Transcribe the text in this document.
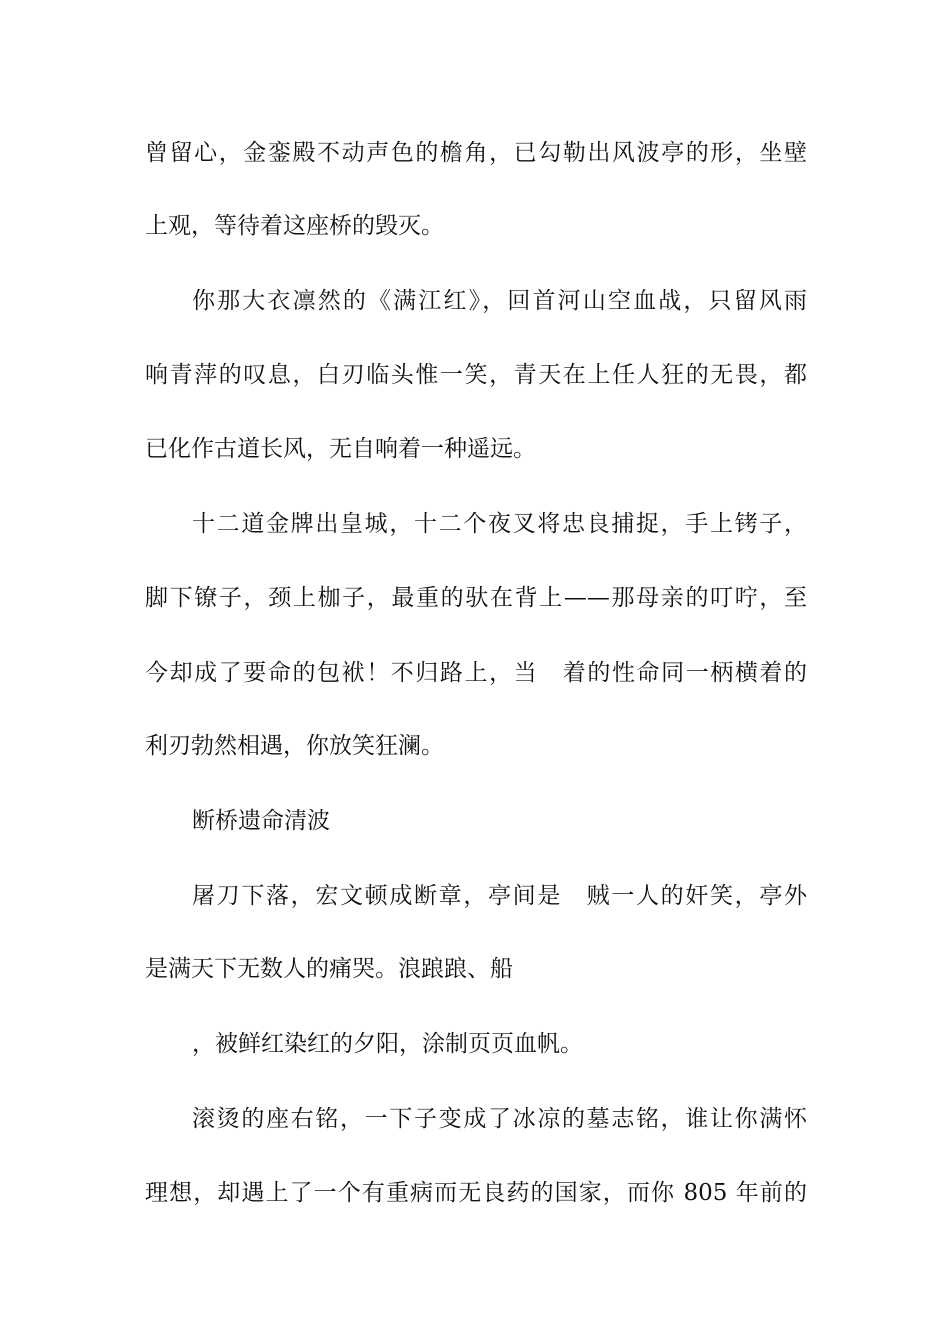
曾留心，金銮殿不动声色的檐角，已勾勒出风波亭的形，坐壁
上观，等待着这座桥的毁灭。
你那大衣凛然的《满江红》，回首河山空血战，只留风雨
响青萍的叹息，白刃临头惟一笑，青天在上任人狂的无畏，都
已化作古道长风，无自响着一种遥远。
十二道金牌出皇城，十二个夜叉将忠良捕捉，手上铐子，
脚下镣子，颈上枷子，最重的驮在背上——那母亲的叮咛，至
今却成了要命的包袱！不归路上，当　着的性命同一柄横着的
利刃勃然相遇，你放笑狂澜。
断桥遗命清波
屠刀下落，宏文顿成断章，亭间是　贼一人的奸笑，亭外
是满天下无数人的痛哭。浪踉踉、船
，被鲜红染红的夕阳，涂制页页血帆。
滚烫的座右铭，一下子变成了冰凉的墓志铭，谁让你满怀
理想，却遇上了一个有重病而无良药的国家，而你 805 年前的
